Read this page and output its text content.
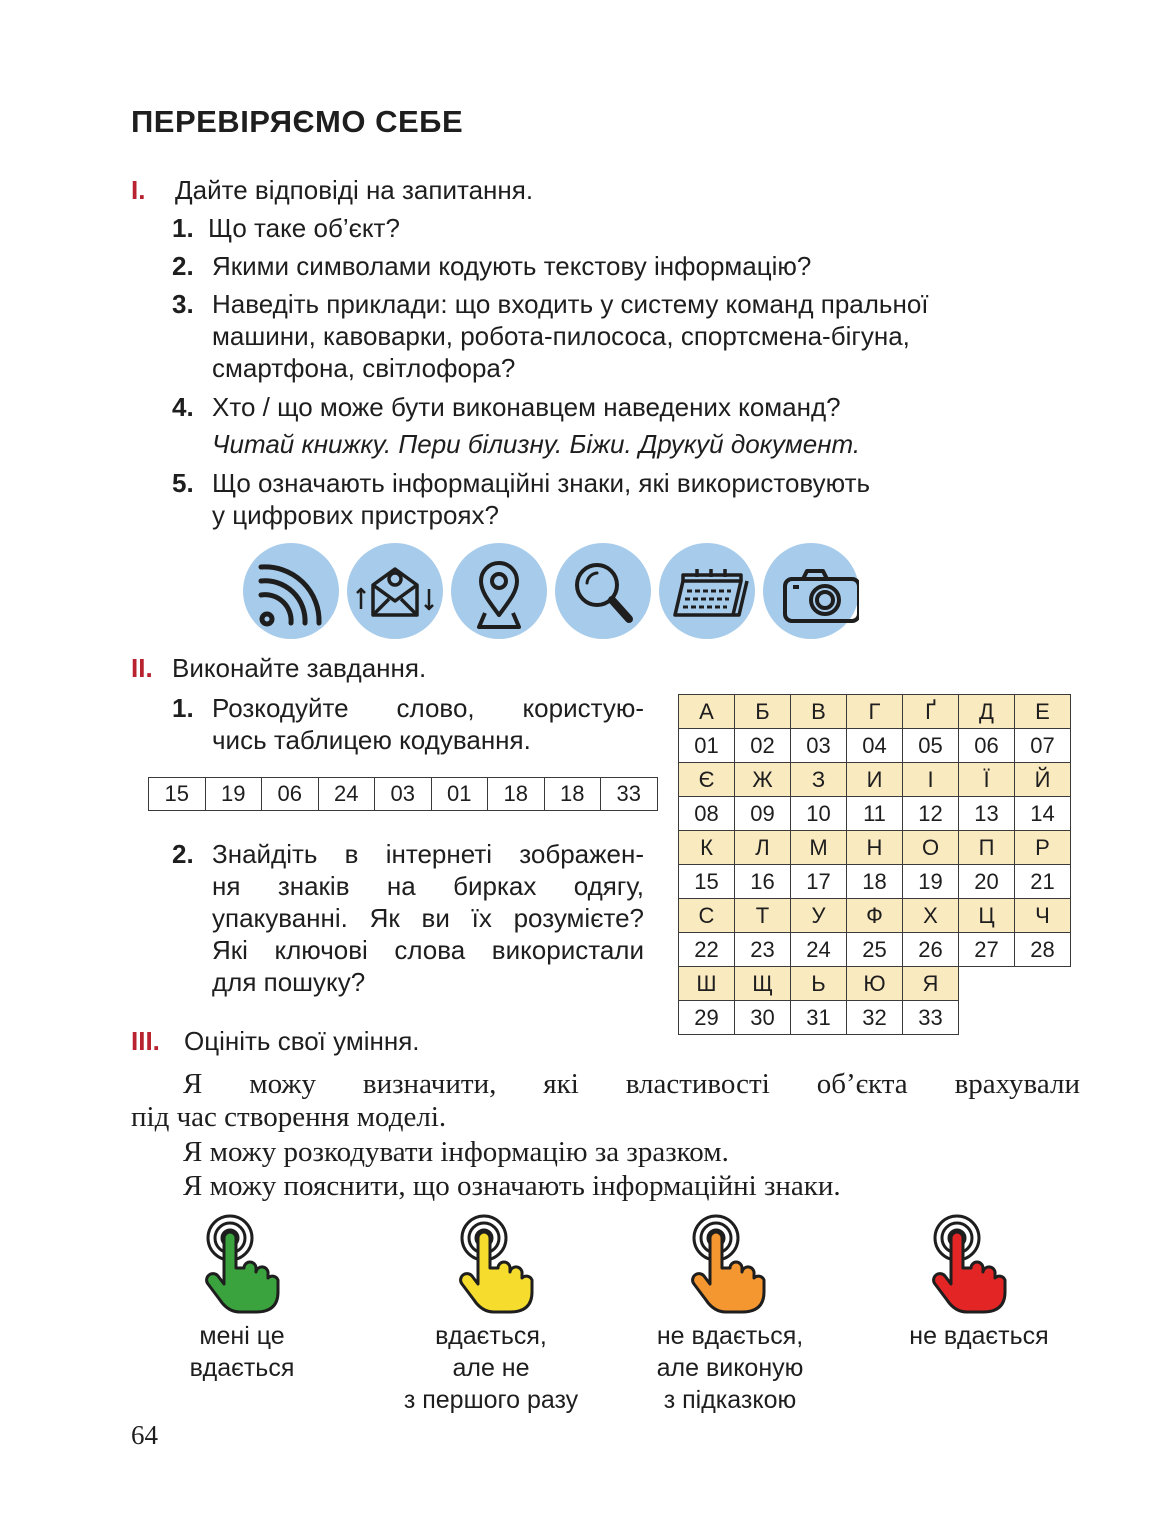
ПЕРЕВІРЯЄМО СЕБЕ
I. Дайте відповіді на запитання.
1. Що таке об’єкт?
2. Якими символами кодують текстову інформацію?
3. Наведіть приклади: що входить у систему команд пральної
машини, кавоварки, робота-пилососа, спортсмена-бігуна,
смартфона, світлофора?
4. Хто / що може бути виконавцем наведених команд?
Читай книжку. Пери білизну. Біжи. Друкуй документ.
5. Що означають інформаційні знаки, які використовують
у цифрових пристроях?
II. Виконайте завдання.
1. Розкодуйте слово, користую-
чись таблицею кодування.
15	19	06	24	03	01	18	18	33
2. Знайдіть в інтернеті зображен-
ня знаків на бирках одягу,
упакуванні. Як ви їх розумієте?
Які ключові слова використали
для пошуку?
А	Б	В	Г	Ґ	Д	Е
01	02	03	04	05	06	07
Є	Ж	З	И	І	Ї	Й
08	09	10	11	12	13	14
К	Л	М	Н	О	П	Р
15	16	17	18	19	20	21
С	Т	У	Ф	Х	Ц	Ч
22	23	24	25	26	27	28
Ш	Щ	Ь	Ю	Я		
29	30	31	32	33		
III. Оцініть свої уміння.
Я можу визначити, які властивості об’єкта врахували
під час створення моделі.
Я можу розкодувати інформацію за зразком.
Я можу пояснити, що означають інформаційні знаки.
мені це
вдається
вдається,
але не
з першого разу
не вдається,
але виконую
з підказкою
не вдається
64
